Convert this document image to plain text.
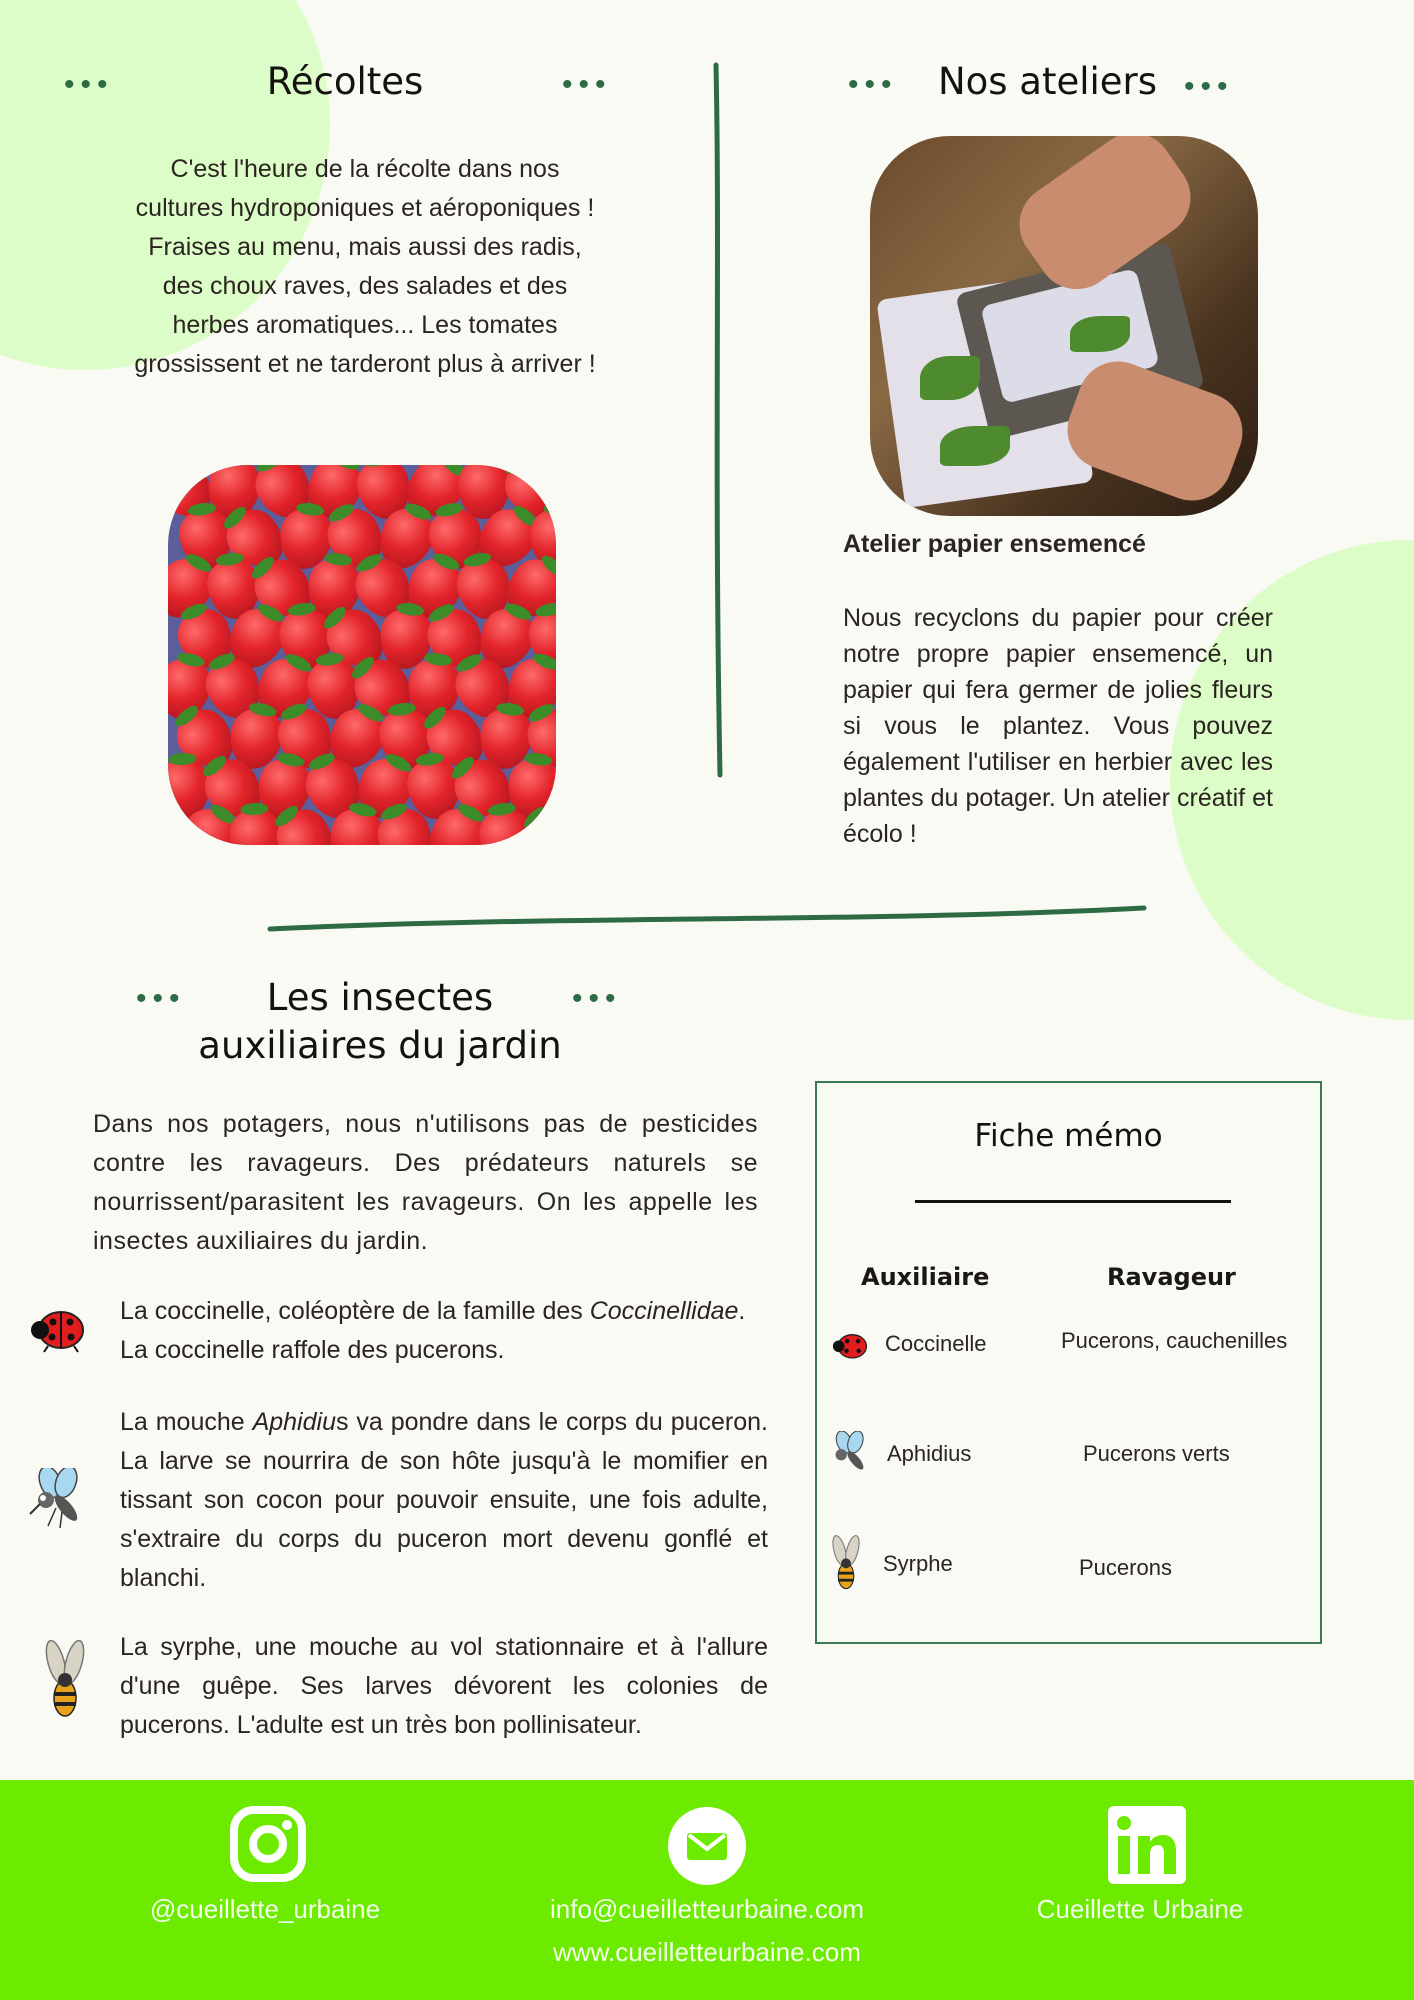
•••	Récoltes	•••
C'est l'heure de la récolte dans nos cultures hydroponiques et aéroponiques ! Fraises au menu, mais aussi des radis, des choux raves, des salades et des herbes aromatiques... Les tomates grossissent et ne tarderont plus à arriver !
•••	Nos ateliers •••
Atelier papier ensemencé
Nous recyclons du papier pour créer notre propre papier ensemencé, un papier qui fera germer de jolies fleurs si vous le plantez. Vous pouvez également l'utiliser en herbier avec les plantes du potager. Un atelier créatif et écolo !
•••	Les insectes
auxiliaires du jardin
•••
Dans nos potagers, nous n'utilisons pas de pesticides contre les ravageurs. Des prédateurs naturels se nourrissent/parasitent les ravageurs. On les appelle les insectes auxiliaires du jardin.
La coccinelle, coléoptère de la famille des Coccinellidae. La coccinelle raffole des pucerons.
La mouche Aphidius va pondre dans le corps du puceron. La larve se nourrira de son hôte jusqu'à le momifier en tissant son cocon pour pouvoir ensuite, une fois adulte, s'extraire du corps du puceron mort devenu gonflé et blanchi.
La syrphe, une mouche au vol stationnaire et à l'allure d'une guêpe. Ses larves dévorent les colonies de pucerons. L'adulte est un très bon pollinisateur.
Fiche mémo
Auxiliaire	Ravageur
Coccinelle	Pucerons, cauchenilles
Aphidius	Pucerons verts
Syrphe	Pucerons
@cueillette_urbaine	info@cueilletteurbaine.com	Cueillette Urbaine
www.cueilletteurbaine.com
